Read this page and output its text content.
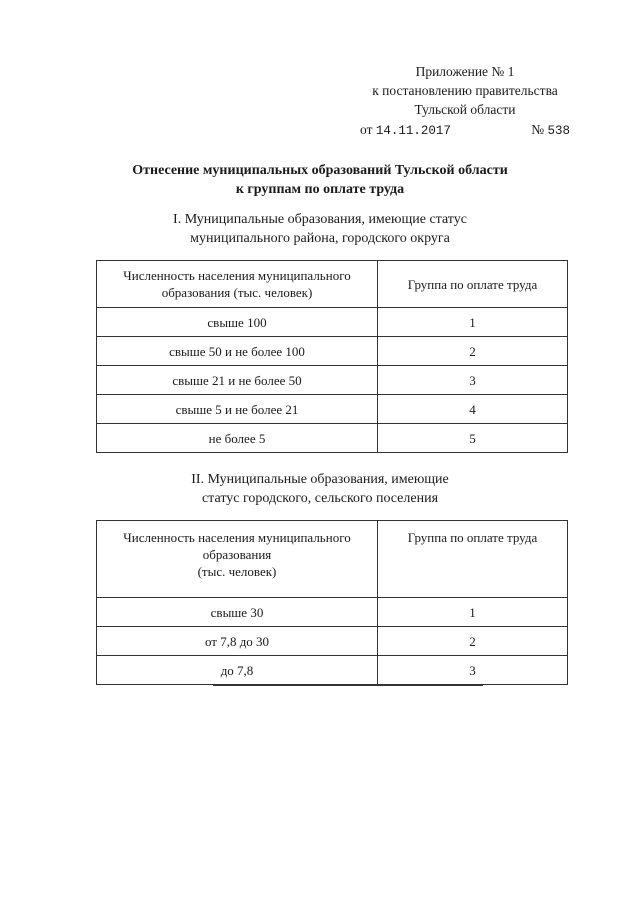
Приложение № 1
к постановлению правительства
Тульской области
от 14.11.2017	№ 538
Отнесение муниципальных образований Тульской области
к группам по оплате труда
I. Муниципальные образования, имеющие статус
муниципального района, городского округа
Численность населения муниципального образования (тыс. человек)	Группа по оплате труда
свыше 100	1
свыше 50 и не более 100	2
свыше 21 и не более 50	3
свыше 5 и не более 21	4
не более 5	5
II. Муниципальные образования, имеющие
статус городского, сельского поселения
Численность населения муниципального
образования
(тыс. человек)	Группа по оплате труда
свыше 30	1
от 7,8 до 30	2
до 7,8	3
